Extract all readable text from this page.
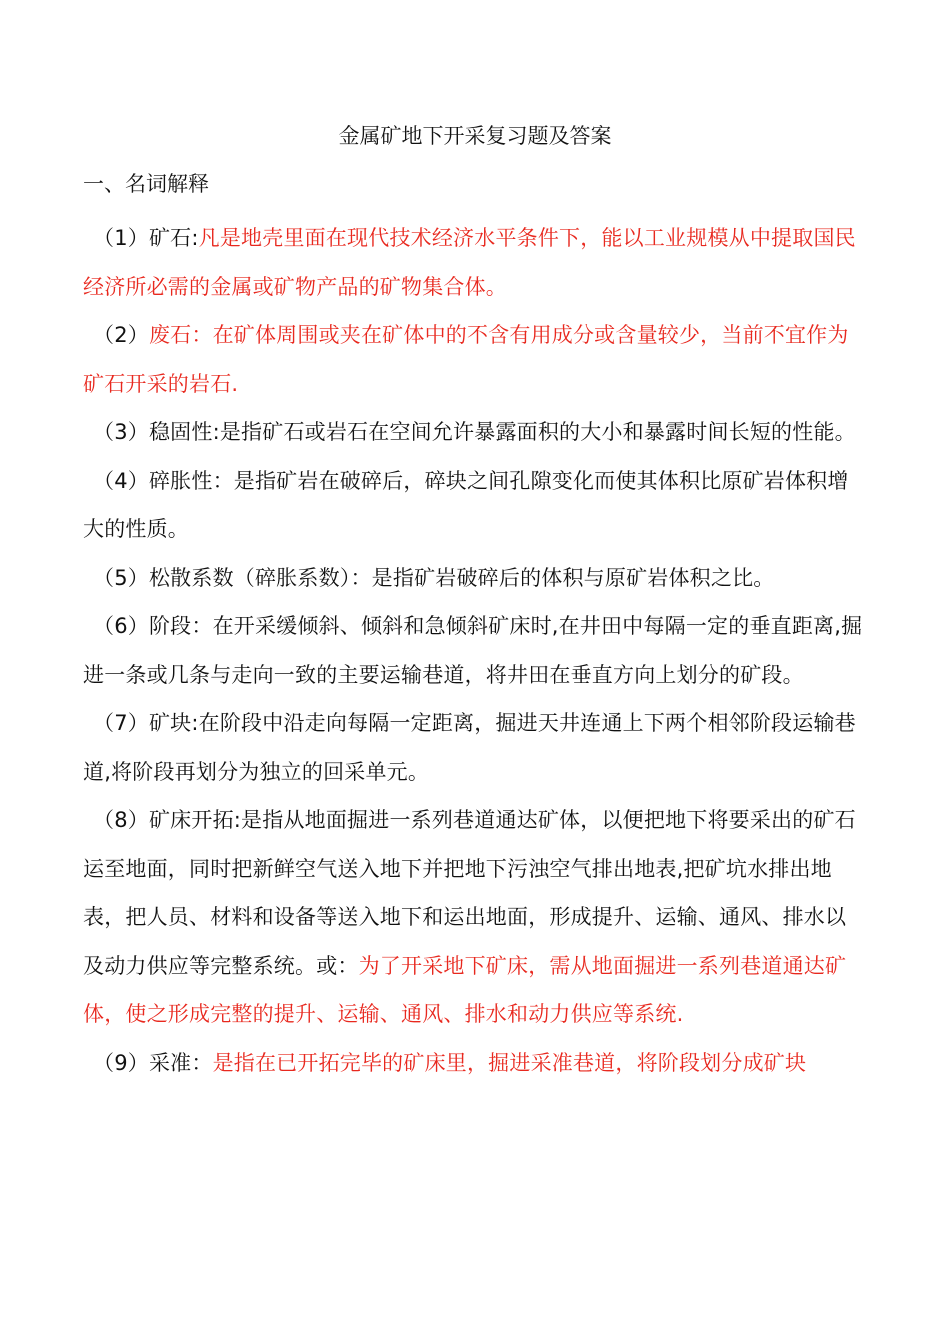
金属矿地下开采复习题及答案
一、名词解释

（1）矿石:凡是地壳里面在现代技术经济水平条件下，能以工业规模从中提取国民经济所必需的金属或矿物产品的矿物集合体。

（2）废石：在矿体周围或夹在矿体中的不含有用成分或含量较少，当前不宜作为矿石开采的岩石.

（3）稳固性:是指矿石或岩石在空间允许暴露面积的大小和暴露时间长短的性能。

（4）碎胀性：是指矿岩在破碎后，碎块之间孔隙变化而使其体积比原矿岩体积增大的性质。

（5）松散系数（碎胀系数）：是指矿岩破碎后的体积与原矿岩体积之比。

（6）阶段：在开采缓倾斜、倾斜和急倾斜矿床时,在井田中每隔一定的垂直距离,掘进一条或几条与走向一致的主要运输巷道，将井田在垂直方向上划分的矿段。

（7）矿块:在阶段中沿走向每隔一定距离，掘进天井连通上下两个相邻阶段运输巷道,将阶段再划分为独立的回采单元。

（8）矿床开拓:是指从地面掘进一系列巷道通达矿体，以便把地下将要采出的矿石运至地面，同时把新鲜空气送入地下并把地下污浊空气排出地表,把矿坑水排出地表，把人员、材料和设备等送入地下和运出地面，形成提升、运输、通风、排水以及动力供应等完整系统。或：为了开采地下矿床，需从地面掘进一系列巷道通达矿体，使之形成完整的提升、运输、通风、排水和动力供应等系统.

（9）采准：是指在已开拓完毕的矿床里，掘进采准巷道，将阶段划分成矿块
